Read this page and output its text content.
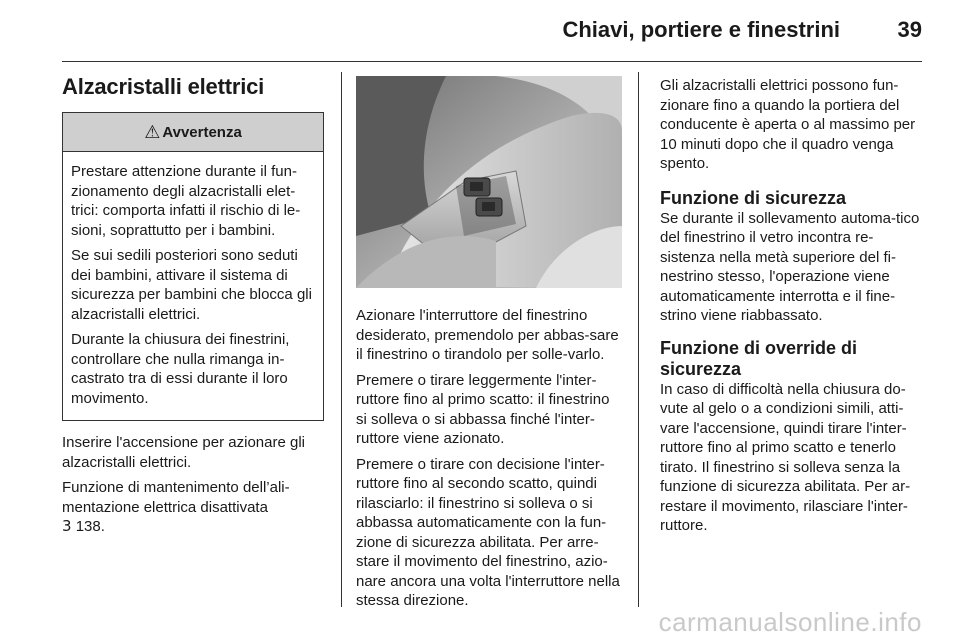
Chiavi, portiere e finestrini	39
Alzacristalli elettrici
⚠ Avvertenza

Prestare attenzione durante il fun-zionamento degli alzacristalli elet-trici: comporta infatti il rischio di le-sioni, soprattutto per i bambini.

Se sui sedili posteriori sono seduti dei bambini, attivare il sistema di sicurezza per bambini che blocca gli alzacristalli elettrici.

Durante la chiusura dei finestrini, controllare che nulla rimanga in-castrato tra di essi durante il loro movimento.

Inserire l'accensione per azionare gli alzacristalli elettrici.

Funzione di mantenimento dell’ali-mentazione elettrica disattivata

3 138.

Azionare l'interruttore del finestrino desiderato, premendolo per abbas-sare il finestrino o tirandolo per solle-varlo.

Premere o tirare leggermente l'inter-ruttore fino al primo scatto: il finestrino si solleva o si abbassa finché l'inter-ruttore viene azionato.

Premere o tirare con decisione l'inter-ruttore fino al secondo scatto, quindi rilasciarlo: il finestrino si solleva o si abbassa automaticamente con la fun-zione di sicurezza abilitata. Per arre-stare il movimento del finestrino, azio-nare ancora una volta l'interruttore nella stessa direzione.

Gli alzacristalli elettrici possono fun-zionare fino a quando la portiera del conducente è aperta o al massimo per 10 minuti dopo che il quadro venga spento.

Funzione di sicurezza

Se durante il sollevamento automa-tico del finestrino il vetro incontra re-sistenza nella metà superiore del fi-nestrino stesso, l'operazione viene automaticamente interrotta e il fine-strino viene riabbassato.

Funzione di override di sicurezza

In caso di difficoltà nella chiusura do-vute al gelo o a condizioni simili, atti-vare l'accensione, quindi tirare l'inter-ruttore fino al primo scatto e tenerlo tirato. Il finestrino si solleva senza la funzione di sicurezza abilitata. Per ar-restare il movimento, rilasciare l'inter-ruttore.

carmanualsonline.info
